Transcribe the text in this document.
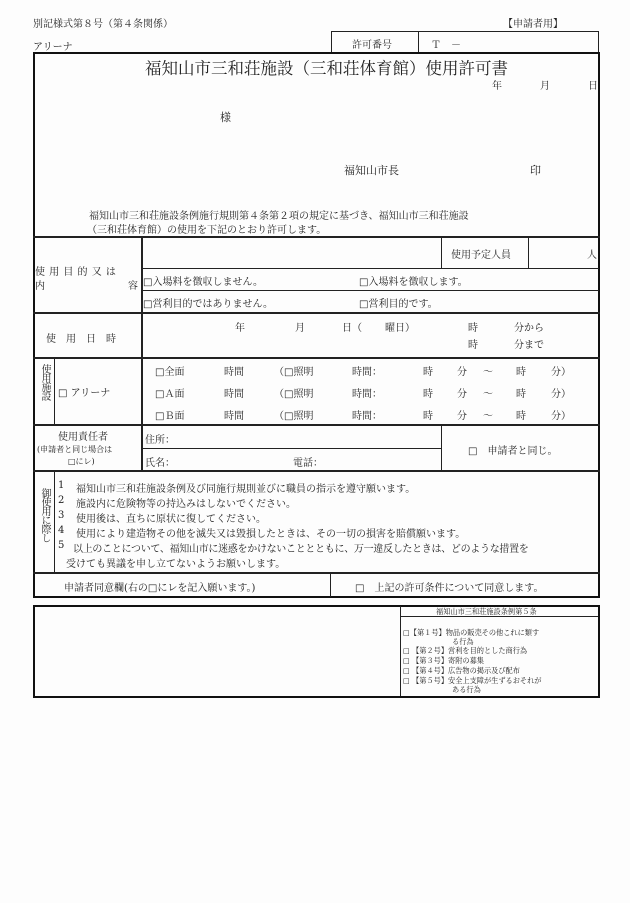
別記様式第８号（第４条関係）	【申請者用】
アリーナ	許可番号	Ｔ　－
福知山市三和荘施設（三和荘体育館）使用許可書
年	月	日
様
福知山市長	印
福知山市三和荘施設条例施行規則第４条第２項の規定に基づき、福知山市三和荘施設
（三和荘体育館）の使用を下記のとおり許可します。
使 用 目 的 又 は
内	容
使用予定人員	人
□入場料を徴収しません。	□入場料を徴収します。
□営利目的ではありません。	□営利目的です。
使　用　日　時
年	月	日（ 曜日）	時	分から
時	分まで
使用施設 □ アリーナ
□全面	時間	（□照明	時間：	時 分 ～ 時	分）
□Ａ面	時間	（□照明	時間：	時 分 ～ 時	分）
□Ｂ面	時間	（□照明	時間：	時 分 ～ 時	分）
使用責任者
(申請者と同じ場合は
□にレ)
住所：
氏名：	電話：
□　申請者と同じ。
御使用に際し
1 福知山市三和荘施設条例及び同施行規則並びに職員の指示を遵守願います。
2 施設内に危険物等の持込みはしないでください。
3 使用後は、直ちに原状に復してください。
4 使用により建造物その他を滅失又は毀損したときは、その一切の損害を賠償願います。
5 以上のことについて、福知山市に迷惑をかけないこととともに、万一違反したときは、どのような措置を
受けても異議を申し立てないようお願いします。
申請者同意欄(右の□にレを記入願います。)	□　上記の許可条件について同意します。
福知山市三和荘施設条例第５条
□【第１号】物品の販売その他これに類す
る行為
□ 【第２号】営利を目的とした商行為
□ 【第３号】寄附の募集
□ 【第４号】広告物の掲示及び配布
□ 【第５号】安全上支障が生ずるおそれが
ある行為
